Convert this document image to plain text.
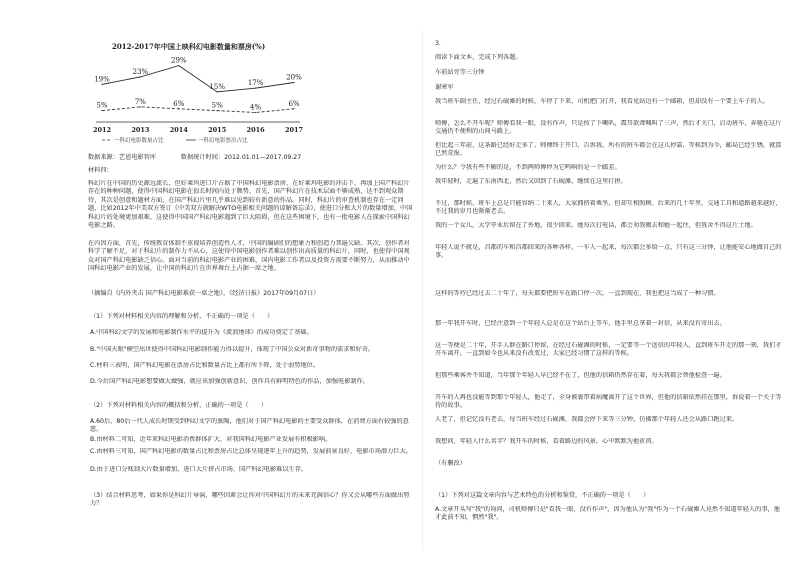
2012-2017年中国上映科幻电影数量和票房(%)

5%	7%	6%	5%	4%	6%
19%
23%
29%
15%	17%
20%
2012	2013	2014	2015	2016	2017
一科幻电影数量占比	一科幻电影票房占比

数据来源：艺恩电影智库　　　　数据统计时间：2012.01.01—2017.09.27

材料四：

科幻片在中国的历史源远流长，但好莱坞进口片占据了中国科幻电影票房，在好莱坞电影的冲击下，再加上国产科幻片存在的种种问题，使得中国科幻电影在很长时间内处于颓势。首先，国产科幻片在技术层面不够成熟，达不到观众期待，其次是创意和题材方面，在国产科幻片里几乎难以见到较有新意的作品。同时，科幻片的审查机制也存在一定问题，比如2012年中美双方签订《中美双方就解决WTO电影相关问题的谅解备忘录》，使进口分账大片的数量增加，中国科幻片的处境更加艰难，这使得中国国产科幻电影遇到了巨大阻碍，但在这些困境下，也有一批电影人在探索中国科幻电影之路。

在内因方面，首先，传统教育体制不重视培养创造性人才，中国的编剧们的想象力和创造力普遍欠缺。其次，创作者对科学了解不足，对于科幻片的制作力不从心，这使得中国电影创作者难以创作出高质量的科幻片，同时，也使得中国观众对国产科幻电影缺乏信心。面对当前的科幻电影产业的困难，国内电影工作者以及投资方需要不断努力，从而推动中国科幻电影产业的发展，让中国的科幻片在世界舞台上占据一席之地。

（摘编自《内外夹击 国产科幻电影难获一席之地》，《经济日报》2017年09月07日）

（1）下列对材料相关内容的理解和分析，不正确的一项是（　　）

A.中国科幻文学的发展和电影制作水平的提升为《流浪地球》的成功奠定了基础。

B."中国天眼"横空出世使得中国科幻电影制作能力得以提升，体现了中国公众对新奇事物的需求和好奇。

C.材料三表明，国产科幻电影在票房占比和数量占比上都有所下降，处于弱势地位。

D.今后国产科幻电影想要做大做强，就应该加强创新意识，创作具有鲜明特色的作品，加强电影制作。

（2）下列对材料相关内容的概括和分析，正确的一项是（　　）

A.60后、80后一代人成长时期受到科幻文学的熏陶，他们对于国产科幻电影的主要受众群体，在消费方面有较强的意愿。

B.由材料二可知，近年来科幻电影消费群体扩大，对我国科幻电影产业发展有积极影响。

C.由材料三可知，国产科幻电影的数量占比和票房占比总体呈现逐年上升的趋势，发展前景良好，电影市场潜力巨大。

D.由于进口分账制大片数量增加，进口大片挤占市场，国产科幻电影难以生存。

（3）结合材料思考，如果你是科幻片导演，哪些因素会让你对中国科幻片的未来充满信心？你又会从哪些方面做出努力？

3.

阅读下面文本，完成下列各题。

车前站旁等三分钟

谢寒军

我当班车副主任，经过石砚滩的时候，车停了下来，司机把门打开，我看见站边有一个邮箱，但却没有一个要上车子的人。

师傅，怎么不开车呢？师傅看我一眼，没有作声，只是按了下喇叭，震耳欲聋喊叫了三声，然后才关门，启动班车，奔驰在这片交通仍不便利的山间马路上。

但比起三年前，这条路已经好走多了。师傅终于开口，告诉我，所有的班车都会在这儿停靠，等候到为今，邮局已经生锈，就算已然荒废。

为什么？令我有些不解的是，不到两师傅停为它鸣响的是一个邮差。

我年轻时，走遍了东南西北，然后又回到了石砚滩，继续在这里打拼。

不过，那时候，班车上总是只能容纳二十来人，大家拥挤着乘坐，但却互相照顾。后来的几十年里，交通工具和道路越来越好，不过我的岁月也渐渐老去。

我的一个女儿，大学毕业后留在了外地，很少回来。她每次打电话，都会劝我搬去和她一起住，但我舍不得这片土地。

年轻人说不就是，昌都的车和昌都回来的各种各样，一车人一起来，每次都会多给一点，只有这三分钟，让他能安心地做自己的事。

这样的等待已经过去二十年了，每天都要把班车在路口停一次，一直到现在，我也把这当成了一种习惯。

那一年我开车时，已经注意到一个年轻人总是在这个站台上等车，他手里总拿着一封信，从来没有寄出去。

这一等便是二十年，开手人群在路口停留，在经过石砚滩的时候，一定要等一个送信的年轻人，直到班车开走的那一刻，我们才开车离开，一直到如今也从来没有改变过，大家已经习惯了这样的等候。

但那些乘客并不知道，当年那个年轻人早已经不在了，但他的信箱仍然存在着，每天我都会替他检查一遍。

开车的人再也没能等到那个年轻人，他走了，全身被裹带着病魔离开了这个世界，但他的信箱依然挂在那里，诉说着一个关于等待的故事。

人老了，但记忆没有老去，每当班车经过石砚滩，我都会停下来等三分钟，仿佛那个年轻人还会从路口跑过来。

我想问，年轻人什么名字？我开车的时候，看着路边的风景，心中默默为他祈祷。

（有删改）

（1）下列对这篇文章内容与艺术特色的分析和鉴赏，不正确的一项是（　　）

A.文章开头写"我"的询问，司机师傅只是"看我一眼，没有作声"，因为他认为"我"作为一个石砚滩人竟然不知道年轻人的事，他才此前不知，惘然"我"。
